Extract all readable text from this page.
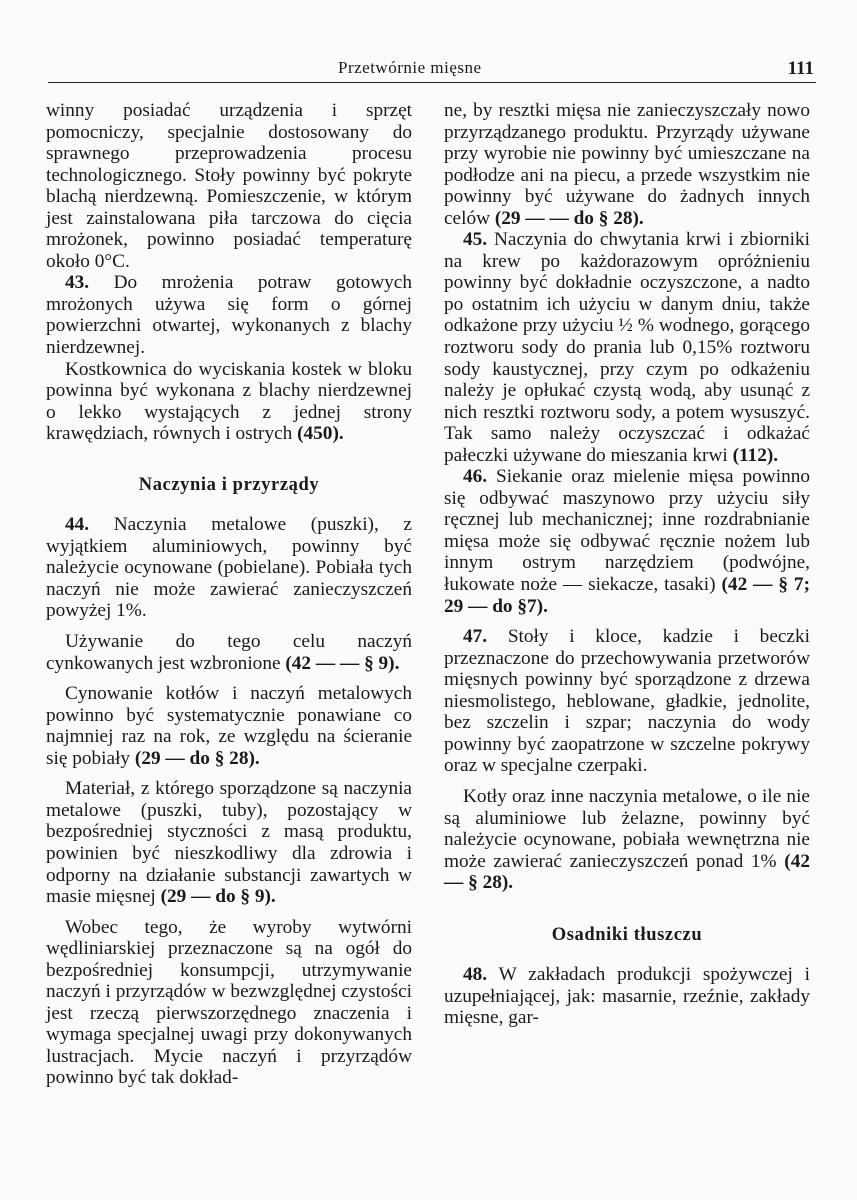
Przetwórnie mięsne	111

winny posiadać urządzenia i sprzęt pomocniczy, specjalnie dostosowany do sprawnego przeprowadzenia procesu technologicznego. Stoły powinny być pokryte blachą nierdzewną. Pomieszczenie, w którym jest zainstalowana piła tarczowa do cięcia mrożonek, powinno posiadać temperaturę około 0°C.

43. Do mrożenia potraw gotowych mrożonych używa się form o górnej powierzchni otwartej, wykonanych z blachy nierdzewnej.

Kostkownica do wyciskania kostek w bloku powinna być wykonana z blachy nierdzewnej o lekko wystających z jednej strony krawędziach, równych i ostrych (450).

Naczynia i przyrządy

44. Naczynia metalowe (puszki), z wyjątkiem aluminiowych, powinny być należycie ocynowane (pobielane). Pobiała tych naczyń nie może zawierać zanieczyszczeń powyżej 1%.

Używanie do tego celu naczyń cynkowanych jest wzbronione (42 — — § 9).

Cynowanie kotłów i naczyń metalowych powinno być systematycznie ponawiane co najmniej raz na rok, ze względu na ścieranie się pobiały (29 — do § 28).

Materiał, z którego sporządzone są naczynia metalowe (puszki, tuby), pozostający w bezpośredniej styczności z masą produktu, powinien być nieszkodliwy dla zdrowia i odporny na działanie substancji zawartych w masie mięsnej (29 — do § 9).

Wobec tego, że wyroby wytwórni wędliniarskiej przeznaczone są na ogół do bezpośredniej konsumpcji, utrzymywanie naczyń i przyrządów w bezwzględnej czystości jest rzeczą pierwszorzędnego znaczenia i wymaga specjalnej uwagi przy dokonywanych lustracjach. Mycie naczyń i przyrządów powinno być tak dokład-

ne, by resztki mięsa nie zanieczyszczały nowo przyrządzanego produktu. Przyrządy używane przy wyrobie nie powinny być umieszczane na podłodze ani na piecu, a przede wszystkim nie powinny być używane do żadnych innych celów (29 — — do § 28).

45. Naczynia do chwytania krwi i zbiorniki na krew po każdorazowym opróżnieniu powinny być dokładnie oczyszczone, a nadto po ostatnim ich użyciu w danym dniu, także odkażone przy użyciu ½ % wodnego, gorącego roztworu sody do prania lub 0,15% roztworu sody kaustycznej, przy czym po odkażeniu należy je opłukać czystą wodą, aby usunąć z nich resztki roztworu sody, a potem wysuszyć. Tak samo należy oczyszczać i odkażać pałeczki używane do mieszania krwi (112).

46. Siekanie oraz mielenie mięsa powinno się odbywać maszynowo przy użyciu siły ręcznej lub mechanicznej; inne rozdrabnianie mięsa może się odbywać ręcznie nożem lub innym ostrym narzędziem (podwójne, łukowate noże — siekacze, tasaki) (42 — § 7; 29 — do §7).

47. Stoły i kloce, kadzie i beczki przeznaczone do przechowywania przetworów mięsnych powinny być sporządzone z drzewa niesmolistego, heblowane, gładkie, jednolite, bez szczelin i szpar; naczynia do wody powinny być zaopatrzone w szczelne pokrywy oraz w specjalne czerpaki.

Kotły oraz inne naczynia metalowe, o ile nie są aluminiowe lub żelazne, powinny być należycie ocynowane, pobiała wewnętrzna nie może zawierać zanieczyszczeń ponad 1% (42 — § 28).

Osadniki tłuszczu

48. W zakładach produkcji spożywczej i uzupełniającej, jak: masarnie, rzeźnie, zakłady mięsne, gar-
